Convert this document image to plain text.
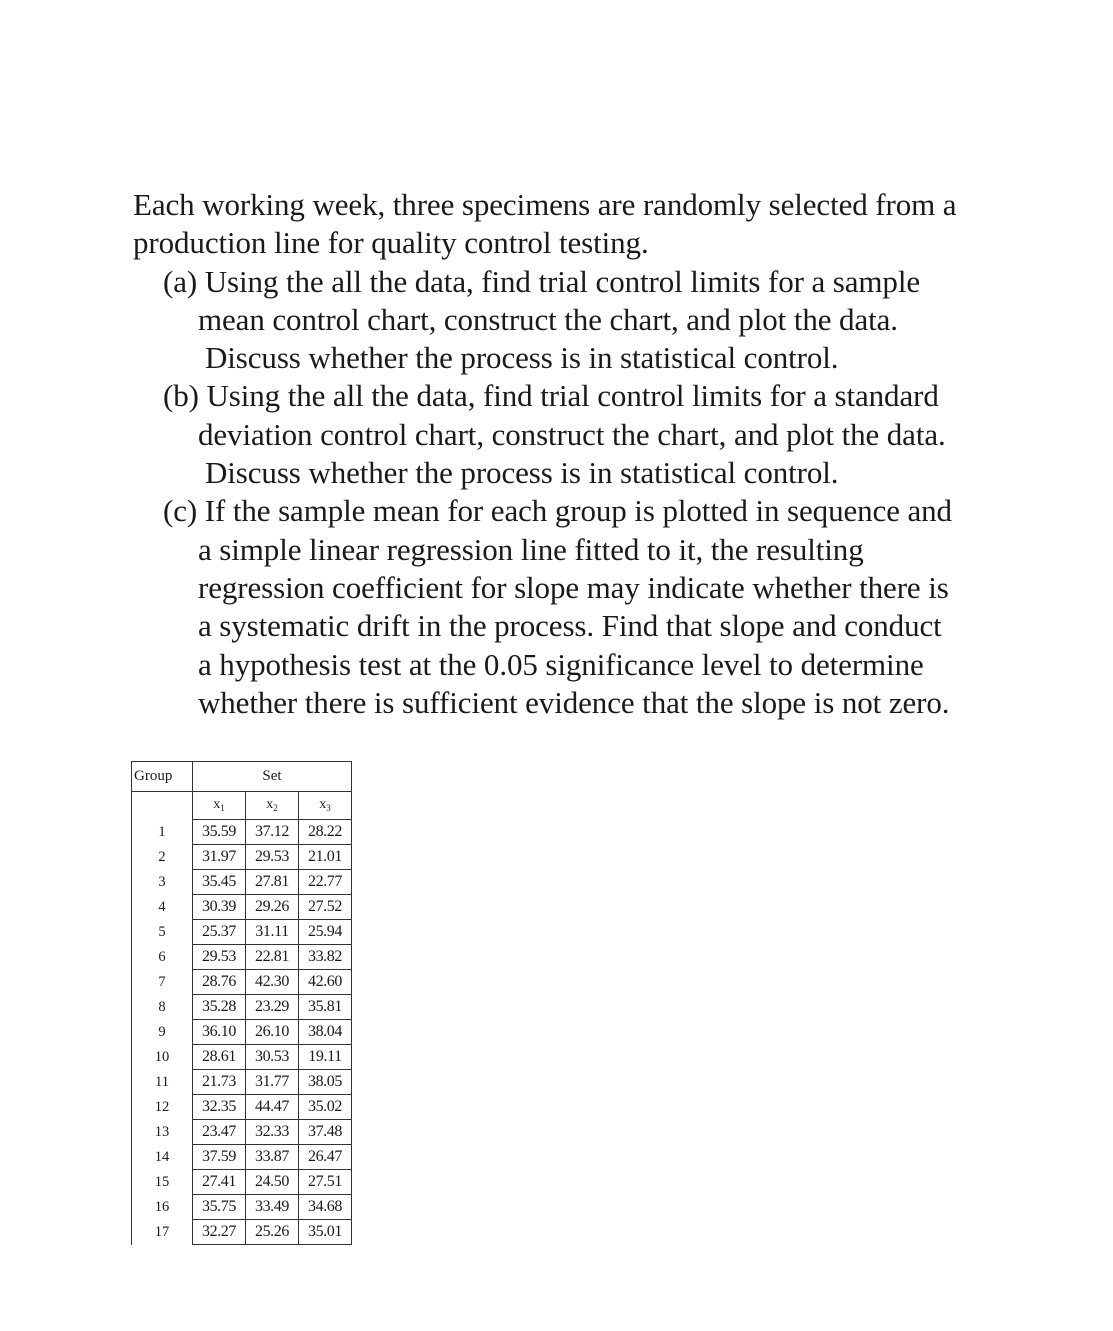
Each working week, three specimens are randomly selected from a
production line for quality control testing.
(a) Using the all the data, find trial control limits for a sample
mean control chart, construct the chart, and plot the data.
Discuss whether the process is in statistical control.
(b) Using the all the data, find trial control limits for a standard
deviation control chart, construct the chart, and plot the data.
Discuss whether the process is in statistical control.
(c) If the sample mean for each group is plotted in sequence and
a simple linear regression line fitted to it, the resulting
regression coefficient for slope may indicate whether there is
a systematic drift in the process. Find that slope and conduct
a hypothesis test at the 0.05 significance level to determine
whether there is sufficient evidence that the slope is not zero.
Group	Set		
	$x_1$	$x_2$	$x_3$
1	35.59	37.12	28.22
2	31.97	29.53	21.01
3	35.45	27.81	22.77
4	30.39	29.26	27.52
5	25.37	31.11	25.94
6	29.53	22.81	33.82
7	28.76	42.30	42.60
8	35.28	23.29	35.81
9	36.10	26.10	38.04
10	28.61	30.53	19.11
11	21.73	31.77	38.05
12	32.35	44.47	35.02
13	23.47	32.33	37.48
14	37.59	33.87	26.47
15	27.41	24.50	27.51
16	35.75	33.49	34.68
17	32.27	25.26	35.01
